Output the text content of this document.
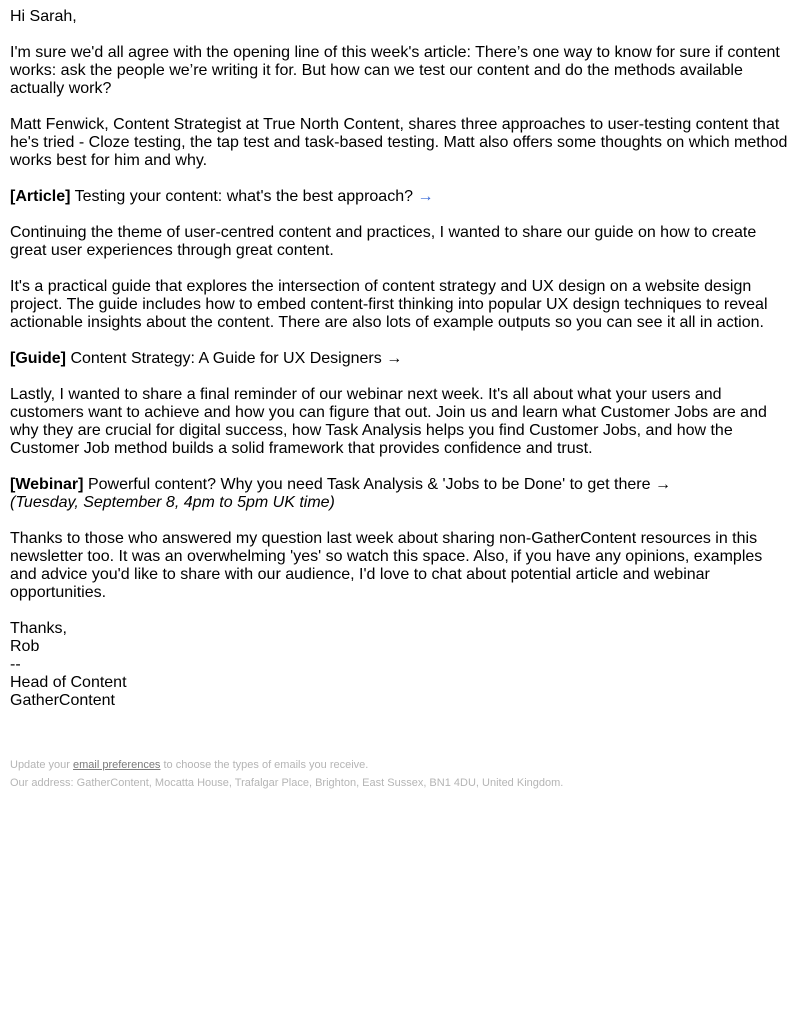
Hi Sarah,

I'm sure we'd all agree with the opening line of this week's article: There’s one way to know for sure if content works: ask the people we’re writing it for. But how can we test our content and do the methods available actually work?

Matt Fenwick, Content Strategist at True North Content, shares three approaches to user-testing content that he's tried - Cloze testing, the tap test and task-based testing. Matt also offers some thoughts on which method works best for him and why.

[Article] Testing your content: what's the best approach? →

Continuing the theme of user-centred content and practices, I wanted to share our guide on how to create great user experiences through great content.

It's a practical guide that explores the intersection of content strategy and UX design on a website design project. The guide includes how to embed content-first thinking into popular UX design techniques to reveal actionable insights about the content. There are also lots of example outputs so you can see it all in action.

[Guide] Content Strategy: A Guide for UX Designers →

Lastly, I wanted to share a final reminder of our webinar next week. It's all about what your users and customers want to achieve and how you can figure that out. Join us and learn what Customer Jobs are and why they are crucial for digital success, how Task Analysis helps you find Customer Jobs, and how the Customer Job method builds a solid framework that provides confidence and trust.

[Webinar] Powerful content? Why you need Task Analysis & 'Jobs to be Done' to get there →

(Tuesday, September 8, 4pm to 5pm UK time)

Thanks to those who answered my question last week about sharing non-GatherContent resources in this newsletter too. It was an overwhelming 'yes' so watch this space. Also, if you have any opinions, examples and advice you'd like to share with our audience, I'd love to chat about potential article and webinar opportunities.

Thanks,

Rob

--

Head of Content

GatherContent

Update your email preferences to choose the types of emails you receive.

Our address: GatherContent, Mocatta House, Trafalgar Place, Brighton, East Sussex, BN1 4DU, United Kingdom.
